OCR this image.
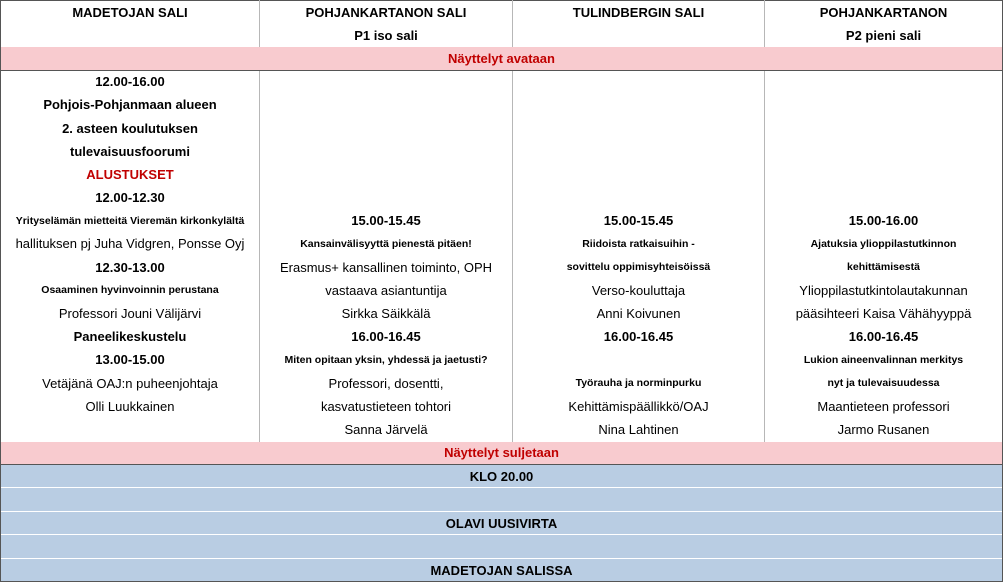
MADETOJAN SALI	POHJANKARTANON SALI	TULINDBERGIN SALI	POHJANKARTANON
	P1 iso sali		P2 pieni sali
Näyttelyt avataan			
12.00-16.00			
Pohjois-Pohjanmaan alueen			
2. asteen koulutuksen			
tulevaisuusfoorumi			
ALUSTUKSET			
12.00-12.30			
Yrityselämän mietteitä Vieremän kirkonkylältä	15.00-15.45	15.00-15.45	15.00-16.00
hallituksen pj Juha Vidgren, Ponsse Oyj	Kansainvälisyyttä pienestä pitäen!	Riidoista ratkaisuihin -	Ajatuksia ylioppilastutkinnon
12.30-13.00	Erasmus+ kansallinen toiminto, OPH	sovittelu oppimisyhteisöissä	kehittämisestä
Osaaminen hyvinvoinnin perustana	vastaava asiantuntija	Verso-kouluttaja	Ylioppilastutkintolautakunnan
Professori Jouni Välijärvi	Sirkka Säikkälä	Anni Koivunen	pääsihteeri Kaisa Vähähyyppä
Paneelikeskustelu	16.00-16.45	16.00-16.45	16.00-16.45
13.00-15.00	Miten opitaan yksin, yhdessä ja jaetusti?		Lukion aineenvalinnan merkitys
Vetäjänä OAJ:n puheenjohtaja	Professori, dosentti,	Työrauha ja norminpurku	nyt ja tulevaisuudessa
Olli Luukkainen	kasvatustieteen tohtori	Kehittämispäällikkö/OAJ	Maantieteen professori
	Sanna Järvelä	Nina Lahtinen	Jarmo Rusanen
Näyttelyt suljetaan			
KLO 20.00			

OLAVI UUSIVIRTA			

MADETOJAN SALISSA			
